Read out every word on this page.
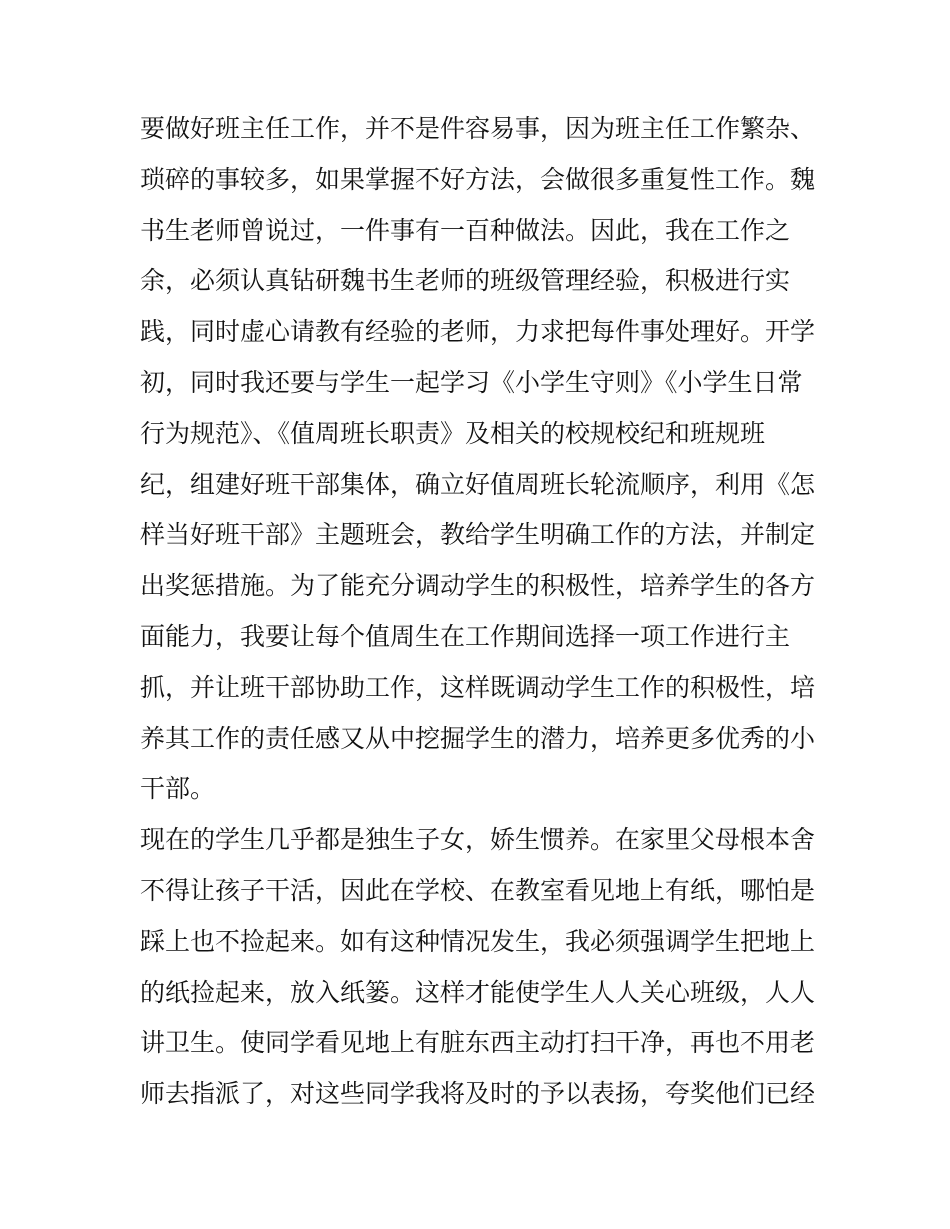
要做好班主任工作，并不是件容易事，因为班主任工作繁杂、
琐碎的事较多，如果掌握不好方法，会做很多重复性工作。魏
书生老师曾说过，一件事有一百种做法。因此，我在工作之
余，必须认真钻研魏书生老师的班级管理经验，积极进行实
践，同时虚心请教有经验的老师，力求把每件事处理好。开学
初，同时我还要与学生一起学习《小学生守则》《小学生日常
行为规范》、《值周班长职责》及相关的校规校纪和班规班
纪，组建好班干部集体，确立好值周班长轮流顺序，利用《怎
样当好班干部》主题班会，教给学生明确工作的方法，并制定
出奖惩措施。为了能充分调动学生的积极性，培养学生的各方
面能力，我要让每个值周生在工作期间选择一项工作进行主
抓，并让班干部协助工作，这样既调动学生工作的积极性，培
养其工作的责任感又从中挖掘学生的潜力，培养更多优秀的小
干部。
现在的学生几乎都是独生子女，娇生惯养。在家里父母根本舍
不得让孩子干活，因此在学校、在教室看见地上有纸，哪怕是
踩上也不捡起来。如有这种情况发生，我必须强调学生把地上
的纸捡起来，放入纸篓。这样才能使学生人人关心班级，人人
讲卫生。使同学看见地上有脏东西主动打扫干净，再也不用老
师去指派了，对这些同学我将及时的予以表扬，夸奖他们已经
